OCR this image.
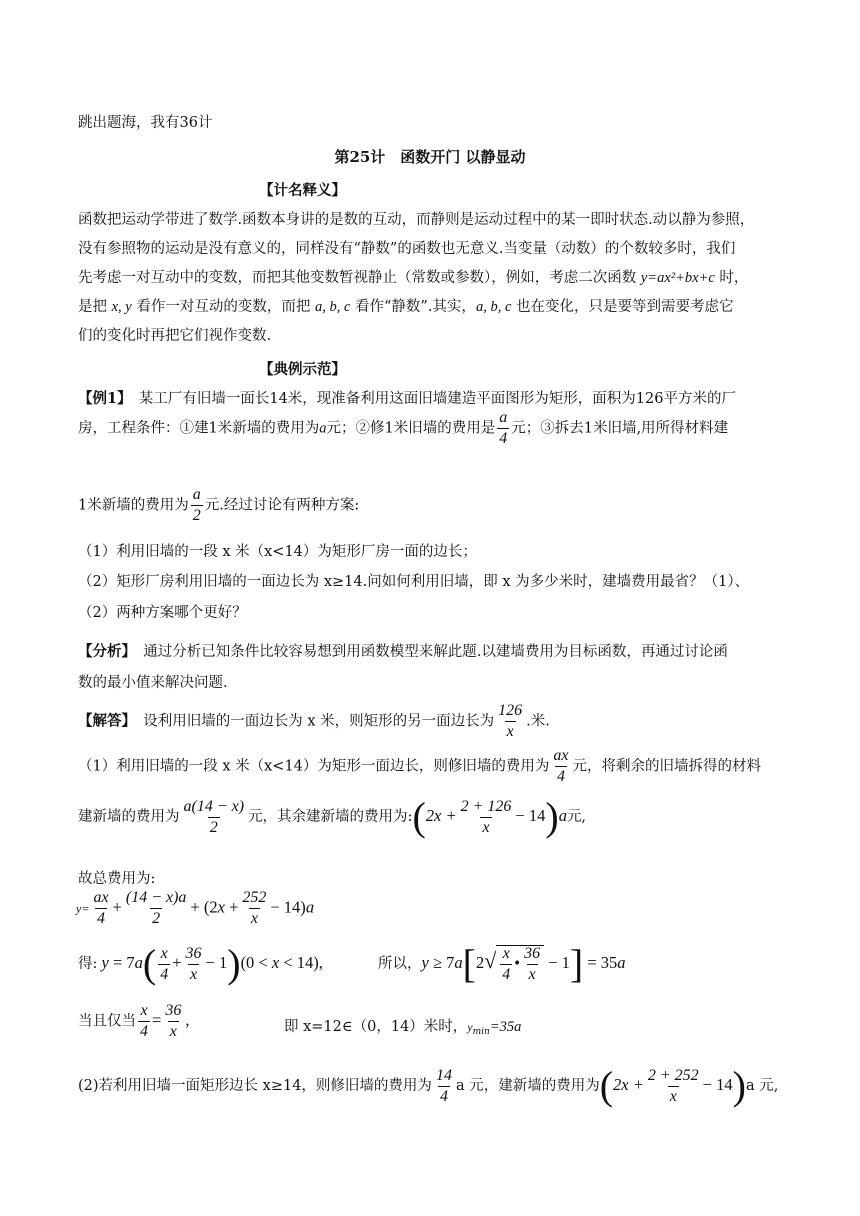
跳出题海，我有36计
第25计　函数开门 以静显动
【计名释义】
函数把运动学带进了数学.函数本身讲的是数的互动，而静则是运动过程中的某一即时状态.动以静为参照，
没有参照物的运动是没有意义的，同样没有“静数”的函数也无意义.当变量（动数）的个数较多时，我们
先考虑一对互动中的变数，而把其他变数暂视静止（常数或参数），例如，考虑二次函数 y=ax²+bx+c 时，
是把 x, y 看作一对互动的变数，而把 a, b, c 看作“静数”.其实，a, b, c 也在变化，只是要等到需要考虑它
们的变化时再把它们视作变数.
【典例示范】
【例1】　某工厂有旧墙一面长14米，现准备利用这面旧墙建造平面图形为矩形，面积为126平方米的厂
房，工程条件：①建1米新墙的费用为a元；②修1米旧墙的费用是 $\frac{a}{4}$ 元；③拆去1米旧墙,用所得材料建
1米新墙的费用为 $\frac{a}{2}$ 元.经过讨论有两种方案:
（1）利用旧墙的一段 x 米（x<14）为矩形厂房一面的边长；
（2）矩形厂房利用旧墙的一面边长为 x≥14.问如何利用旧墙，即 x 为多少米时，建墙费用最省？（1）、
（2）两种方案哪个更好？
【分析】　通过分析已知条件比较容易想到用函数模型来解此题.以建墙费用为目标函数，再通过讨论函
数的最小值来解决问题.
【解答】　设利用旧墙的一面边长为 x 米，则矩形的另一面边长为 $\frac{126}{x}$ .米.
（1）利用旧墙的一段 x 米（x<14）为矩形一面边长，则修旧墙的费用为 $\frac{ax}{4}$ 元，将剩余的旧墙拆得的材料
建新墙的费用为 $\frac{a(14 - x)}{2}$ 元，其余建新墙的费用为:(2x + $\frac{2 + 126}{x} - 14)a$元,
故总费用为:
$y= \frac{ax}{4} + \frac{(14 - x)a}{2} + (2x + \frac{252}{x} - 14)a$
得: $y = 7a( \frac{x}{4} + \frac{36}{x} - 1)(0 < x < 14)$,	所以，$y \ge 7a[2√ \frac{x}{4}$ • $\frac{36}{x} - 1] = 35a$
当且仅当 $\frac{x}{4} = \frac{36}{x}$ ,	即 x=12∈（0，14）米时，$y_{min}=35a$
(2)若利用旧墙一面矩形边长 x≥14，则修旧墙的费用为 $\frac{14}{4}$ a 元，建新墙的费用为$(2x + \frac{2 + 252}{x} - 14)a$ 元,
